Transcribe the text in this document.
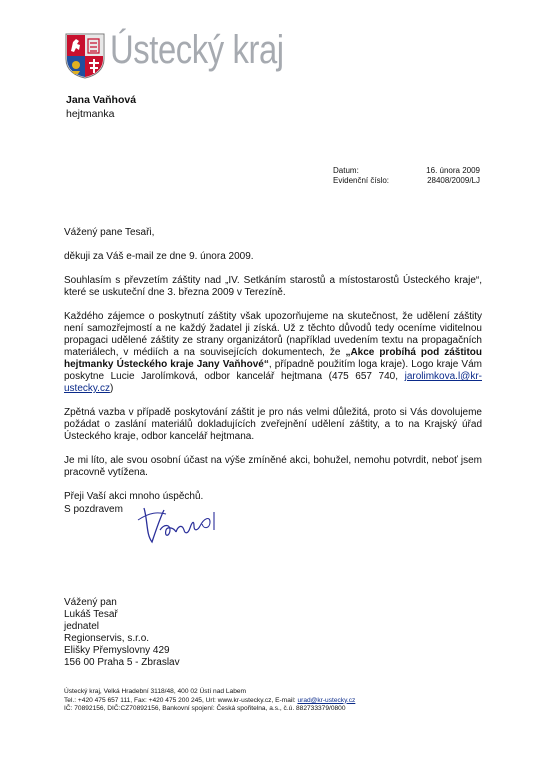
Ústecký kraj
Jana Vaňhová
hejtmanka
Datum:	16. února 2009
Evidenční číslo:	28408/2009/LJ

Vážený pane Tesaři,

děkuji za Váš e-mail ze dne 9. února 2009.

Souhlasím s převzetím záštity nad „IV. Setkáním starostů a místostarostů Ústeckého kraje“, které se uskuteční dne 3. března 2009 v Terezíně.

Každého zájemce o poskytnutí záštity však upozorňujeme na skutečnost, že udělení záštity není samozřejmostí a ne každý žadatel ji získá. Už z těchto důvodů tedy oceníme viditelnou propagaci udělené záštity ze strany organizátorů (například uvedením textu na propagačních materiálech, v médiích a na souvisejících dokumentech, že „Akce probíhá pod záštitou hejtmanky Ústeckého kraje Jany Vaňhové“, případně použitím loga kraje). Logo kraje Vám poskytne Lucie Jarolímková, odbor kancelář hejtmana (475 657 740, jarolimkova.l@kr-ustecky.cz)

Zpětná vazba v případě poskytování záštit je pro nás velmi důležitá, proto si Vás dovolujeme požádat o zaslání materiálů dokladujících zveřejnění udělení záštity, a to na Krajský úřad Ústeckého kraje, odbor kancelář hejtmana.

Je mi líto, ale svou osobní účast na výše zmíněné akci, bohužel, nemohu potvrdit, neboť jsem pracovně vytížena.

Přeji Vaší akci mnoho úspěchů.

S pozdravem
Vážený pan
Lukáš Tesař
jednatel
Regionservis, s.r.o.
Elišky Přemyslovny 429
156 00 Praha 5 - Zbraslav
Ústecký kraj, Velká Hradební 3118/48, 400 02 Ústí nad Labem
Tel.: +420 475 657 111, Fax: +420 475 200 245, Url: www.kr-ustecky.cz, E-mail: urad@kr-ustecky.cz
IČ: 70892156, DIČ:CZ70892156, Bankovní spojení: Česká spořitelna, a.s., č.ú. 882733379/0800
